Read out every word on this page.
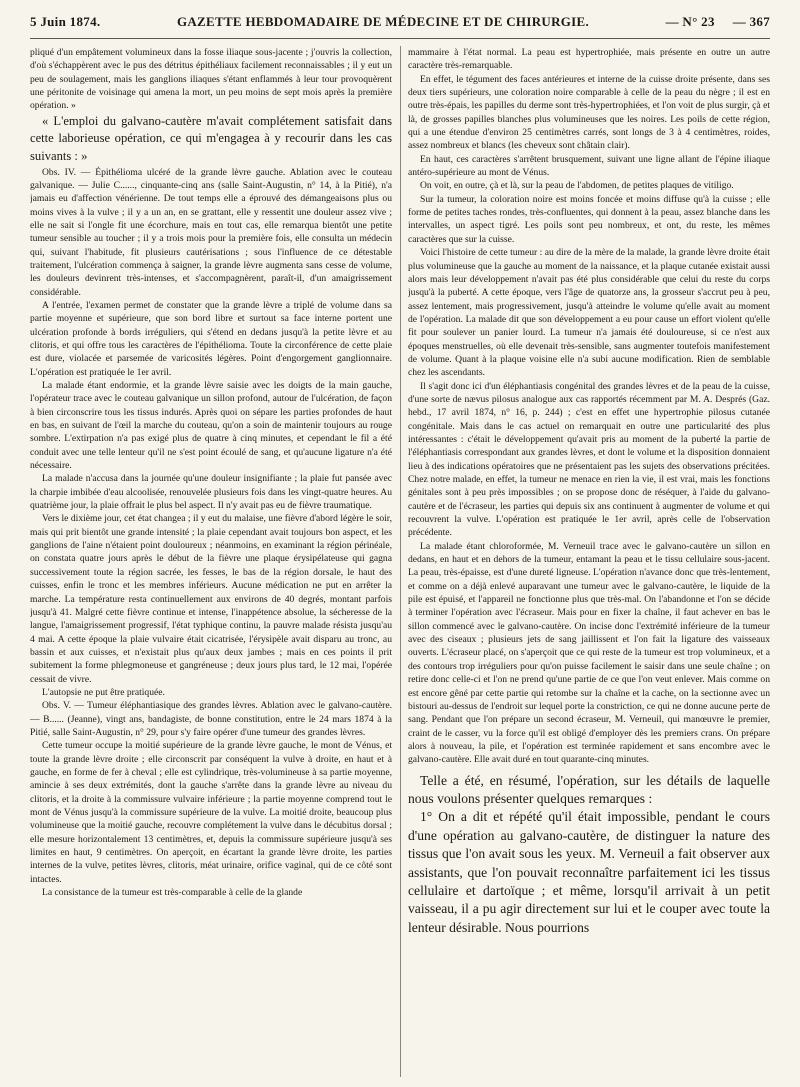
5 Juin 1874.	GAZETTE HEBDOMADAIRE DE MÉDECINE ET DE CHIRURGIE.	— N° 23 — 367

pliqué d'un empâtement volumineux dans la fosse iliaque sous-jacente ; j'ouvris la collection, d'où s'échappèrent avec le pus des détritus épithéliaux facilement reconnaissables ; il y eut un peu de soulagement, mais les ganglions iliaques s'étant enflammés à leur tour provoquèrent une péritonite de voisinage qui amena la mort, un peu moins de sept mois après la première opération. »

« L'emploi du galvano-cautère m'avait complétement satisfait dans cette laborieuse opération, ce qui m'engagea à y recourir dans les cas suivants : »

Obs. IV. — Épithélioma ulcéré de la grande lèvre gauche. Ablation avec le couteau galvanique. — Julie C......, cinquante-cinq ans (salle Saint-Augustin, n° 14, à la Pitié), n'a jamais eu d'affection vénérienne. De tout temps elle a éprouvé des démangeaisons plus ou moins vives à la vulve ; il y a un an, en se grattant, elle y ressentit une douleur assez vive ; elle ne sait si l'ongle fit une écorchure, mais en tout cas, elle remarqua bientôt une petite tumeur sensible au toucher ; il y a trois mois pour la première fois, elle consulta un médecin qui, suivant l'habitude, fit plusieurs cautérisations ; sous l'influence de ce détestable traitement, l'ulcération commença à saigner, la grande lèvre augmenta sans cesse de volume, les douleurs devinrent très-intenses, et s'accompagnèrent, paraît-il, d'un amaigrissement considérable.

A l'entrée, l'examen permet de constater que la grande lèvre a triplé de volume dans sa partie moyenne et supérieure, que son bord libre et surtout sa face interne portent une ulcération profonde à bords irréguliers, qui s'étend en dedans jusqu'à la petite lèvre et au clitoris, et qui offre tous les caractères de l'épithélioma. Toute la circonférence de cette plaie est dure, violacée et parsemée de varicosités légères. Point d'engorgement ganglionnaire. L'opération est pratiquée le 1er avril.

La malade étant endormie, et la grande lèvre saisie avec les doigts de la main gauche, l'opérateur trace avec le couteau galvanique un sillon profond, autour de l'ulcération, de façon à bien circonscrire tous les tissus indurés. Après quoi on sépare les parties profondes de haut en bas, en suivant de l'œil la marche du couteau, qu'on a soin de maintenir toujours au rouge sombre. L'extirpation n'a pas exigé plus de quatre à cinq minutes, et cependant le fil a été conduit avec une telle lenteur qu'il ne s'est point écoulé de sang, et qu'aucune ligature n'a été nécessaire.

La malade n'accusa dans la journée qu'une douleur insignifiante ; la plaie fut pansée avec la charpie imbibée d'eau alcoolisée, renouvelée plusieurs fois dans les vingt-quatre heures. Au quatrième jour, la plaie offrait le plus bel aspect. Il n'y avait pas eu de fièvre traumatique.

Vers le dixième jour, cet état changea ; il y eut du malaise, une fièvre d'abord légère le soir, mais qui prit bientôt une grande intensité ; la plaie cependant avait toujours bon aspect, et les ganglions de l'aine n'étaient point douloureux ; néanmoins, en examinant la région périnéale, on constata quatre jours après le début de la fièvre une plaque érysipélateuse qui gagna successivement toute la région sacrée, les fesses, le bas de la région dorsale, le haut des cuisses, enfin le tronc et les membres inférieurs. Aucune médication ne put en arrêter la marche. La température resta continuellement aux environs de 40 degrés, montant parfois jusqu'à 41. Malgré cette fièvre continue et intense, l'inappétence absolue, la sécheresse de la langue, l'amaigrissement progressif, l'état typhique continu, la pauvre malade résista jusqu'au 4 mai. A cette époque la plaie vulvaire était cicatrisée, l'érysipèle avait disparu au tronc, au bassin et aux cuisses, et n'existait plus qu'aux deux jambes ; mais en ces points il prit subitement la forme phlegmoneuse et gangréneuse ; deux jours plus tard, le 12 mai, l'opérée cessait de vivre.

L'autopsie ne put être pratiquée.

Obs. V. — Tumeur éléphantiasique des grandes lèvres. Ablation avec le galvano-cautère. — B...... (Jeanne), vingt ans, bandagiste, de bonne constitution, entre le 24 mars 1874 à la Pitié, salle Saint-Augustin, n° 29, pour s'y faire opérer d'une tumeur des grandes lèvres.

Cette tumeur occupe la moitié supérieure de la grande lèvre gauche, le mont de Vénus, et toute la grande lèvre droite ; elle circonscrit par conséquent la vulve à droite, en haut et à gauche, en forme de fer à cheval ; elle est cylindrique, très-volumineuse à sa partie moyenne, amincie à ses deux extrémités, dont la gauche s'arrête dans la grande lèvre au niveau du clitoris, et la droite à la commissure vulvaire inférieure ; la partie moyenne comprend tout le mont de Vénus jusqu'à la commissure supérieure de la vulve. La moitié droite, beaucoup plus volumineuse que la moitié gauche, recouvre complétement la vulve dans le décubitus dorsal ; elle mesure horizontalement 13 centimètres, et, depuis la commissure supérieure jusqu'à ses limites en haut, 9 centimètres. On aperçoit, en écartant la grande lèvre droite, les parties internes de la vulve, petites lèvres, clitoris, méat urinaire, orifice vaginal, qui de ce côté sont intactes.

La consistance de la tumeur est très-comparable à celle de la glande

mammaire à l'état normal. La peau est hypertrophiée, mais présente en outre un autre caractère très-remarquable.

En effet, le tégument des faces antérieures et interne de la cuisse droite présente, dans ses deux tiers supérieurs, une coloration noire comparable à celle de la peau du nègre ; il est en outre très-épais, les papilles du derme sont très-hypertrophiées, et l'on voit de plus surgir, çà et là, de grosses papilles blanches plus volumineuses que les noires. Les poils de cette région, qui a une étendue d'environ 25 centimètres carrés, sont longs de 3 à 4 centimètres, roides, assez nombreux et blancs (les cheveux sont châtain clair).

En haut, ces caractères s'arrêtent brusquement, suivant une ligne allant de l'épine iliaque antéro-supérieure au mont de Vénus.

On voit, en outre, çà et là, sur la peau de l'abdomen, de petites plaques de vitiligo.

Sur la tumeur, la coloration noire est moins foncée et moins diffuse qu'à la cuisse ; elle forme de petites taches rondes, très-confluentes, qui donnent à la peau, assez blanche dans les intervalles, un aspect tigré. Les poils sont peu nombreux, et ont, du reste, les mêmes caractères que sur la cuisse.

Voici l'histoire de cette tumeur : au dire de la mère de la malade, la grande lèvre droite était plus volumineuse que la gauche au moment de la naissance, et la plaque cutanée existait aussi alors mais leur développement n'avait pas été plus considérable que celui du reste du corps jusqu'à la puberté. A cette époque, vers l'âge de quatorze ans, la grosseur s'accrut peu à peu, assez lentement, mais progressivement, jusqu'à atteindre le volume qu'elle avait au moment de l'opération. La malade dit que son développement a eu pour cause un effort violent qu'elle fit pour soulever un panier lourd. La tumeur n'a jamais été douloureuse, si ce n'est aux époques menstruelles, où elle devenait très-sensible, sans augmenter toutefois manifestement de volume. Quant à la plaque voisine elle n'a subi aucune modification. Rien de semblable chez les ascendants.

Il s'agit donc ici d'un éléphantiasis congénital des grandes lèvres et de la peau de la cuisse, d'une sorte de nævus pilosus analogue aux cas rapportés récemment par M. A. Després (Gaz. hebd., 17 avril 1874, n° 16, p. 244) ; c'est en effet une hypertrophie pilosus cutanée congénitale. Mais dans le cas actuel on remarquait en outre une particularité des plus intéressantes : c'était le développement qu'avait pris au moment de la puberté la partie de l'éléphantiasis correspondant aux grandes lèvres, et dont le volume et la disposition donnaient lieu à des indications opératoires que ne présentaient pas les sujets des observations précitées. Chez notre malade, en effet, la tumeur ne menace en rien la vie, il est vrai, mais les fonctions génitales sont à peu près impossibles ; on se propose donc de réséquer, à l'aide du galvano-cautère et de l'écraseur, les parties qui depuis six ans continuent à augmenter de volume et qui recouvrent la vulve. L'opération est pratiquée le 1er avril, après celle de l'observation précédente.

La malade étant chloroformée, M. Verneuil trace avec le galvano-cautère un sillon en dedans, en haut et en dehors de la tumeur, entamant la peau et le tissu cellulaire sous-jacent. La peau, très-épaisse, est d'une dureté ligneuse. L'opération n'avance donc que très-lentement, et comme on a déjà enlevé auparavant une tumeur avec le galvano-cautère, le liquide de la pile est épuisé, et l'appareil ne fonctionne plus que très-mal. On l'abandonne et l'on se décide à terminer l'opération avec l'écraseur. Mais pour en fixer la chaîne, il faut achever en bas le sillon commencé avec le galvano-cautère. On incise donc l'extrémité inférieure de la tumeur avec des ciseaux ; plusieurs jets de sang jaillissent et l'on fait la ligature des vaisseaux ouverts. L'écraseur placé, on s'aperçoit que ce qui reste de la tumeur est trop volumineux, et a des contours trop irréguliers pour qu'on puisse facilement le saisir dans une seule chaîne ; on retire donc celle-ci et l'on ne prend qu'une partie de ce que l'on veut enlever. Mais comme on est encore gêné par cette partie qui retombe sur la chaîne et la cache, on la sectionne avec un bistouri au-dessus de l'endroit sur lequel porte la constriction, ce qui ne donne aucune perte de sang. Pendant que l'on prépare un second écraseur, M. Verneuil, qui manœuvre le premier, craint de le casser, vu la force qu'il est obligé d'employer dès les premiers crans. On prépare alors à nouveau, la pile, et l'opération est terminée rapidement et sans encombre avec le galvano-cautère. Elle avait duré en tout quarante-cinq minutes.

Telle a été, en résumé, l'opération, sur les détails de laquelle nous voulons présenter quelques remarques :

1° On a dit et répété qu'il était impossible, pendant le cours d'une opération au galvano-cautère, de distinguer la nature des tissus que l'on avait sous les yeux. M. Verneuil a fait observer aux assistants, que l'on pouvait reconnaître parfaitement ici les tissus cellulaire et dartoïque ; et même, lorsqu'il arrivait à un petit vaisseau, il a pu agir directement sur lui et le couper avec toute la lenteur désirable. Nous pourrions
